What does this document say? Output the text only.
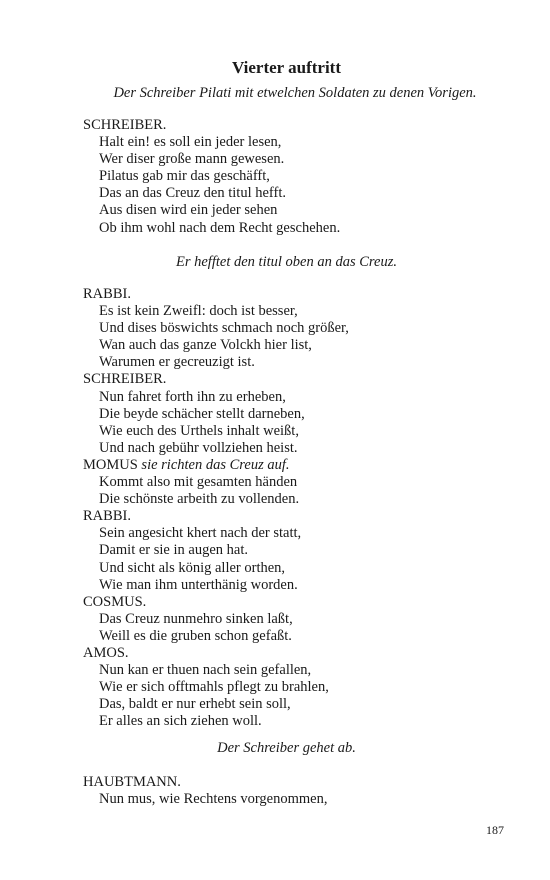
Vierter auftritt
Der Schreiber Pilati mit etwelchen Soldaten zu denen Vorigen.
SCHREIBER.
Halt ein! es soll ein jeder lesen,
Wer diser große mann gewesen.
Pilatus gab mir das geschäfft,
Das an das Creuz den titul hefft.
Aus disen wird ein jeder sehen
Ob ihm wohl nach dem Recht geschehen.
Er hefftet den titul oben an das Creuz.
RABBI.
Es ist kein Zweifl: doch ist besser,
Und dises böswichts schmach noch größer,
Wan auch das ganze Volckh hier list,
Warumen er gecreuzigt ist.
SCHREIBER.
Nun fahret forth ihn zu erheben,
Die beyde schächer stellt darneben,
Wie euch des Urthels inhalt weißt,
Und nach gebühr vollziehen heist.
MOMUS sie richten das Creuz auf.
Kommt also mit gesamten händen
Die schönste arbeith zu vollenden.
RABBI.
Sein angesicht khert nach der statt,
Damit er sie in augen hat.
Und sicht als könig aller orthen,
Wie man ihm unterthänig worden.
COSMUS.
Das Creuz nunmehro sinken laßt,
Weill es die gruben schon gefaßt.
AMOS.
Nun kan er thuen nach sein gefallen,
Wie er sich offtmahls pflegt zu brahlen,
Das, baldt er nur erhebt sein soll,
Er alles an sich ziehen woll.
Der Schreiber gehet ab.
HAUBTMANN.
Nun mus, wie Rechtens vorgenommen,
187
